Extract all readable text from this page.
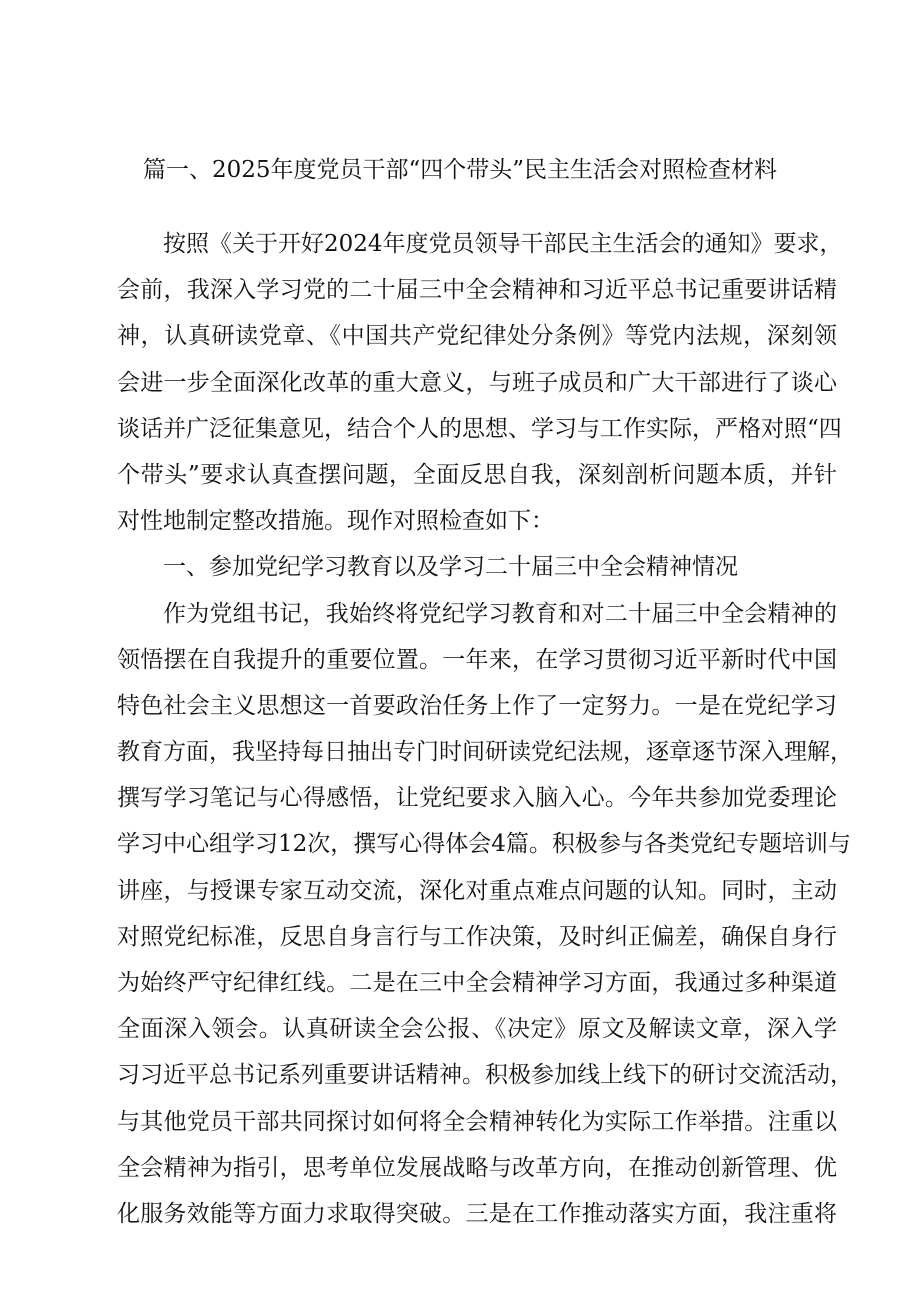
篇一、2025年度党员干部“四个带头”民主生活会对照检查材料
按照《关于开好2024年度党员领导干部民主生活会的通知》要求，
会前，我深入学习党的二十届三中全会精神和习近平总书记重要讲话精
神，认真研读党章、《中国共产党纪律处分条例》等党内法规，深刻领
会进一步全面深化改革的重大意义，与班子成员和广大干部进行了谈心
谈话并广泛征集意见，结合个人的思想、学习与工作实际，严格对照“四
个带头”要求认真查摆问题，全面反思自我，深刻剖析问题本质，并针
对性地制定整改措施。现作对照检查如下：
一、参加党纪学习教育以及学习二十届三中全会精神情况
作为党组书记，我始终将党纪学习教育和对二十届三中全会精神的
领悟摆在自我提升的重要位置。一年来，在学习贯彻习近平新时代中国
特色社会主义思想这一首要政治任务上作了一定努力。一是在党纪学习
教育方面，我坚持每日抽出专门时间研读党纪法规，逐章逐节深入理解，
撰写学习笔记与心得感悟，让党纪要求入脑入心。今年共参加党委理论
学习中心组学习12次，撰写心得体会4篇。积极参与各类党纪专题培训与
讲座，与授课专家互动交流，深化对重点难点问题的认知。同时，主动
对照党纪标准，反思自身言行与工作决策，及时纠正偏差，确保自身行
为始终严守纪律红线。二是在三中全会精神学习方面，我通过多种渠道
全面深入领会。认真研读全会公报、《决定》原文及解读文章，深入学
习习近平总书记系列重要讲话精神。积极参加线上线下的研讨交流活动，
与其他党员干部共同探讨如何将全会精神转化为实际工作举措。注重以
全会精神为指引，思考单位发展战略与改革方向，在推动创新管理、优
化服务效能等方面力求取得突破。三是在工作推动落实方面，我注重将
